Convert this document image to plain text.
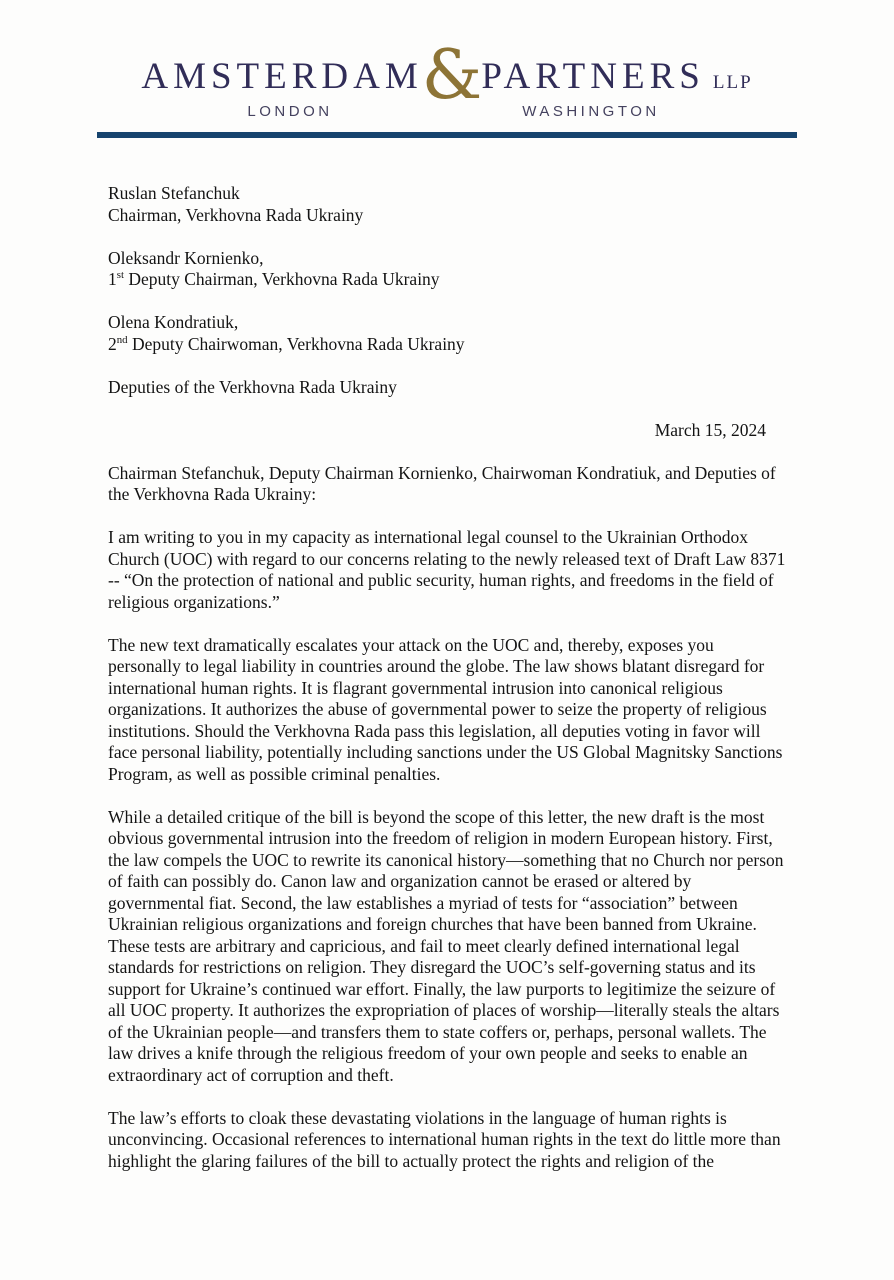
AMSTERDAM & PARTNERS LLP
LONDON	WASHINGTON

Ruslan Stefanchuk
Chairman, Verkhovna Rada Ukrainy

Oleksandr Kornienko,
1st Deputy Chairman, Verkhovna Rada Ukrainy

Olena Kondratiuk,
2nd Deputy Chairwoman, Verkhovna Rada Ukrainy

Deputies of the Verkhovna Rada Ukrainy

March 15, 2024

Chairman Stefanchuk, Deputy Chairman Kornienko, Chairwoman Kondratiuk, and Deputies of the Verkhovna Rada Ukrainy:

I am writing to you in my capacity as international legal counsel to the Ukrainian Orthodox Church (UOC) with regard to our concerns relating to the newly released text of Draft Law 8371 -- “On the protection of national and public security, human rights, and freedoms in the field of religious organizations.”

The new text dramatically escalates your attack on the UOC and, thereby, exposes you personally to legal liability in countries around the globe. The law shows blatant disregard for international human rights. It is flagrant governmental intrusion into canonical religious organizations. It authorizes the abuse of governmental power to seize the property of religious institutions. Should the Verkhovna Rada pass this legislation, all deputies voting in favor will face personal liability, potentially including sanctions under the US Global Magnitsky Sanctions Program, as well as possible criminal penalties.

While a detailed critique of the bill is beyond the scope of this letter, the new draft is the most obvious governmental intrusion into the freedom of religion in modern European history. First, the law compels the UOC to rewrite its canonical history—something that no Church nor person of faith can possibly do. Canon law and organization cannot be erased or altered by governmental fiat. Second, the law establishes a myriad of tests for “association” between Ukrainian religious organizations and foreign churches that have been banned from Ukraine. These tests are arbitrary and capricious, and fail to meet clearly defined international legal standards for restrictions on religion. They disregard the UOC’s self-governing status and its support for Ukraine’s continued war effort. Finally, the law purports to legitimize the seizure of all UOC property. It authorizes the expropriation of places of worship—literally steals the altars of the Ukrainian people—and transfers them to state coffers or, perhaps, personal wallets. The law drives a knife through the religious freedom of your own people and seeks to enable an extraordinary act of corruption and theft.

The law’s efforts to cloak these devastating violations in the language of human rights is unconvincing. Occasional references to international human rights in the text do little more than highlight the glaring failures of the bill to actually protect the rights and religion of the
